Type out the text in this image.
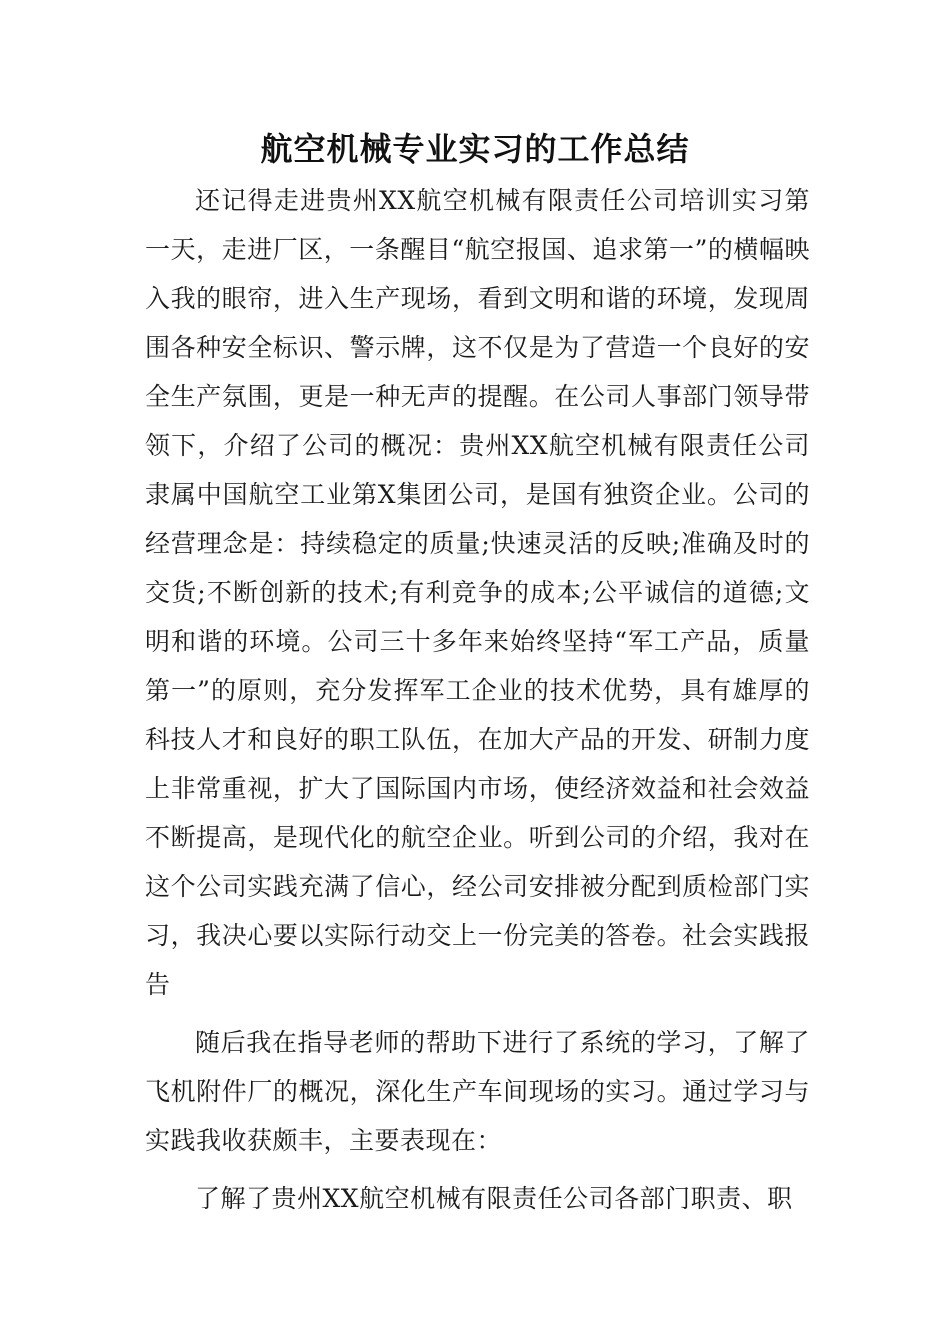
航空机械专业实习的工作总结

还记得走进贵州XX航空机械有限责任公司培训实习第一天，走进厂区，一条醒目“航空报国、追求第一”的横幅映入我的眼帘，进入生产现场，看到文明和谐的环境，发现周围各种安全标识、警示牌，这不仅是为了营造一个良好的安全生产氛围，更是一种无声的提醒。在公司人事部门领导带领下，介绍了公司的概况：贵州XX航空机械有限责任公司隶属中国航空工业第X集团公司，是国有独资企业。公司的经营理念是：持续稳定的质量;快速灵活的反映;准确及时的交货;不断创新的技术;有利竞争的成本;公平诚信的道德;文明和谐的环境。公司三十多年来始终坚持“军工产品，质量第一”的原则，充分发挥军工企业的技术优势，具有雄厚的科技人才和良好的职工队伍，在加大产品的开发、研制力度上非常重视，扩大了国际国内市场，使经济效益和社会效益不断提高，是现代化的航空企业。听到公司的介绍，我对在这个公司实践充满了信心，经公司安排被分配到质检部门实习，我决心要以实际行动交上一份完美的答卷。社会实践报告

随后我在指导老师的帮助下进行了系统的学习，了解了飞机附件厂的概况，深化生产车间现场的实习。通过学习与实践我收获颇丰，主要表现在：

了解了贵州XX航空机械有限责任公司各部门职责、职
